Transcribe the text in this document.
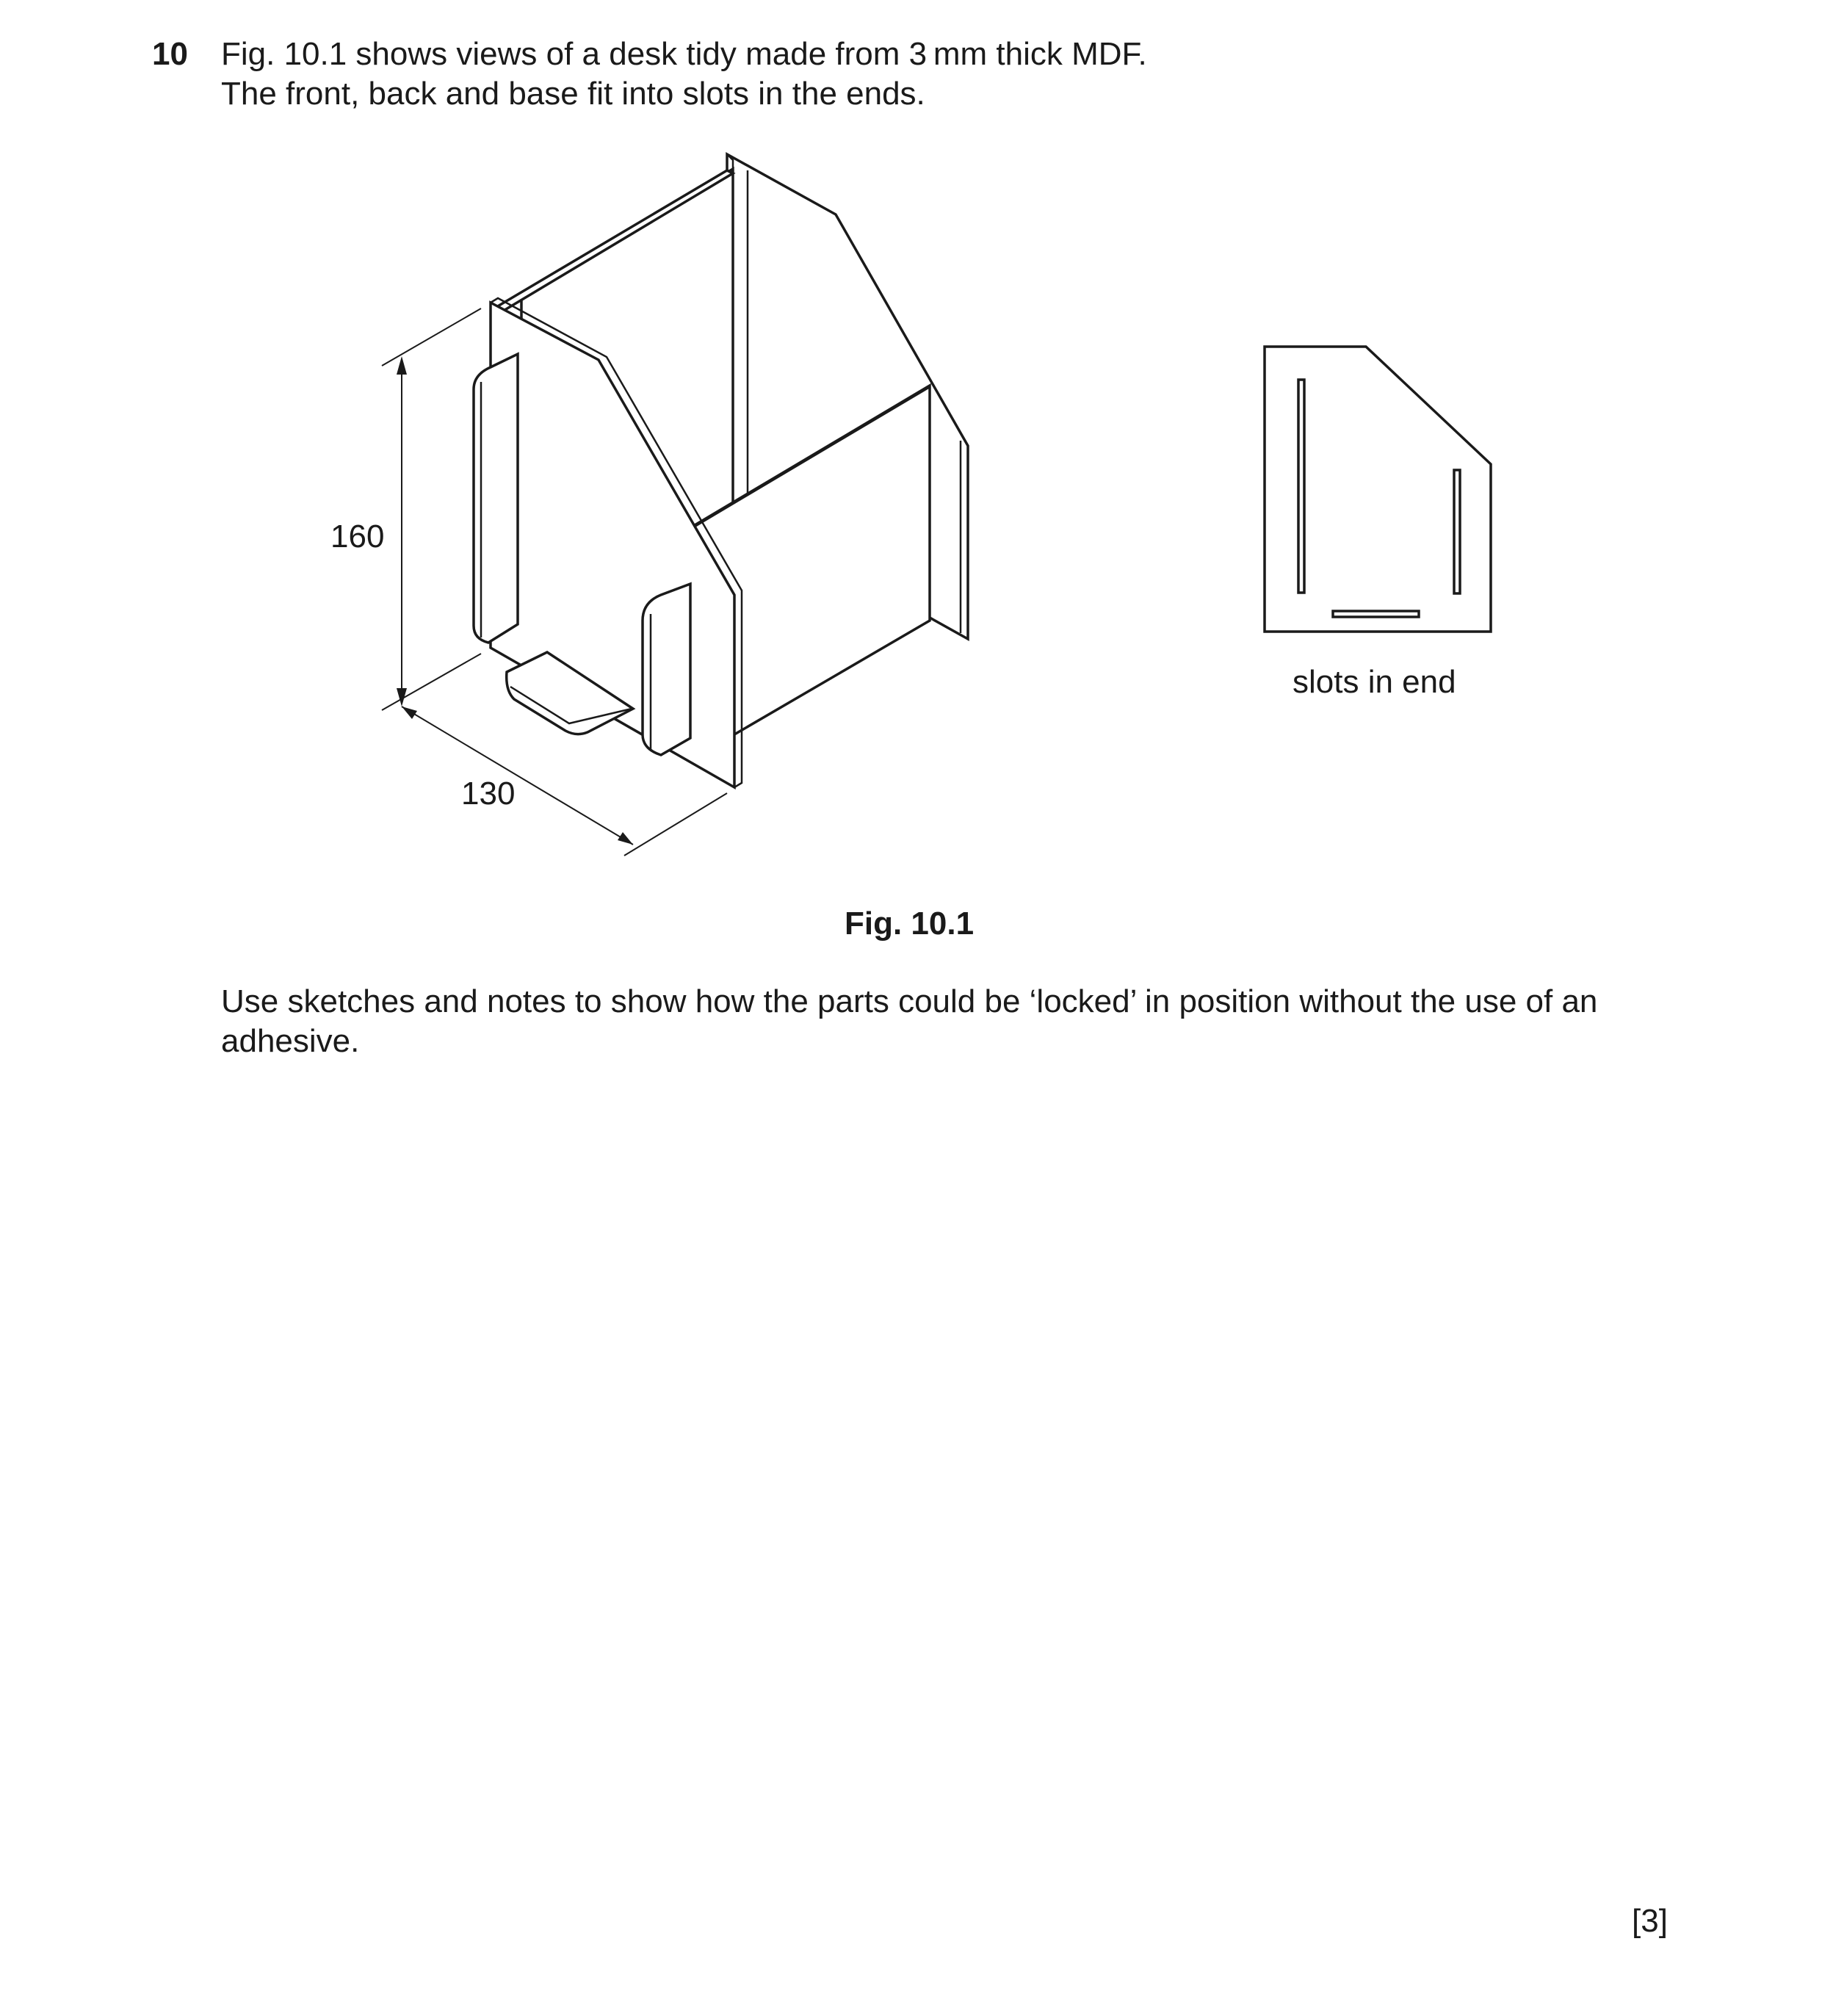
10 Fig. 10.1 shows views of a desk tidy made from 3 mm thick MDF.
The front, back and base fit into slots in the ends.
160
130
slots in end
Fig. 10.1
Use sketches and notes to show how the parts could be ‘locked’ in position without the use of an
adhesive.
[3]
